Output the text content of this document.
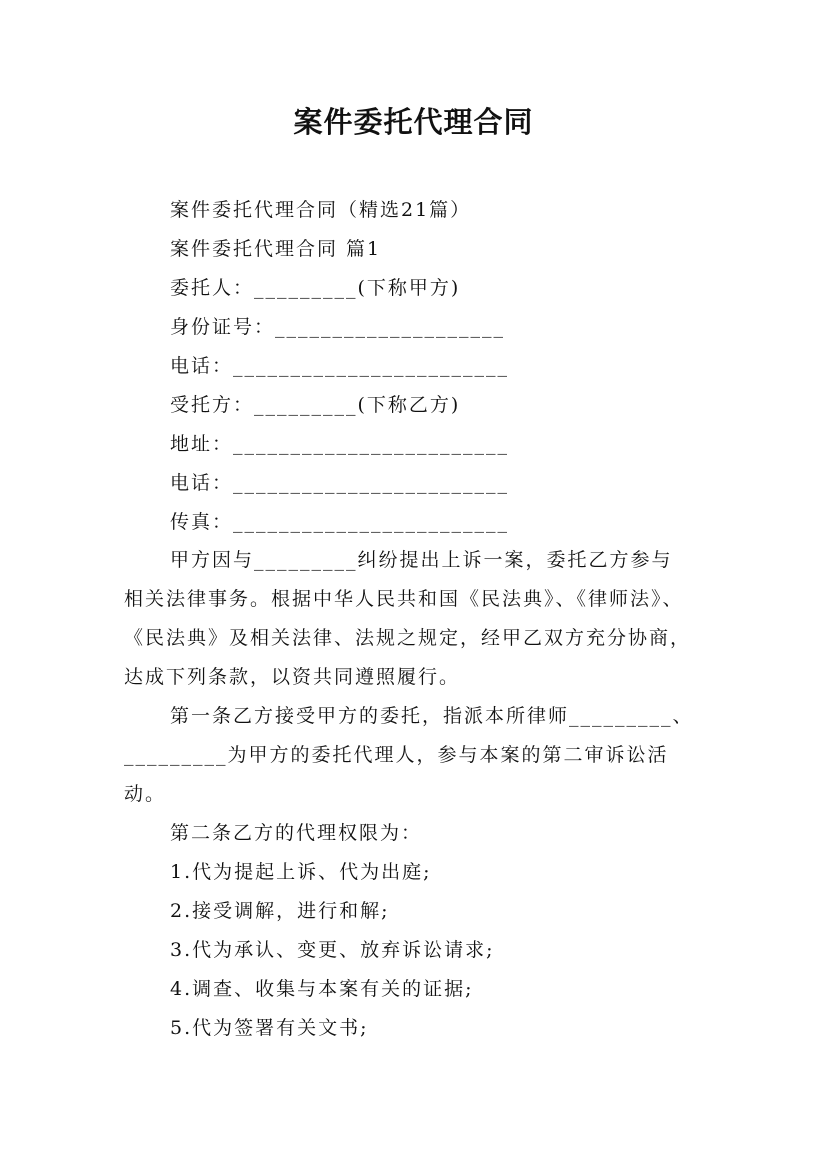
案件委托代理合同
案件委托代理合同（精选21篇）
案件委托代理合同 篇1
委托人：_________(下称甲方)
身份证号：____________________
电话：________________________
受托方：_________(下称乙方)
地址：________________________
电话：________________________
传真：________________________
甲方因与_________纠纷提出上诉一案，委托乙方参与
相关法律事务。根据中华人民共和国《民法典》、《律师法》、
《民法典》及相关法律、法规之规定，经甲乙双方充分协商，
达成下列条款，以资共同遵照履行。
第一条乙方接受甲方的委托，指派本所律师_________、
_________为甲方的委托代理人，参与本案的第二审诉讼活
动。
第二条乙方的代理权限为：
1.代为提起上诉、代为出庭;
2.接受调解，进行和解;
3.代为承认、变更、放弃诉讼请求;
4.调查、收集与本案有关的证据;
5.代为签署有关文书;
